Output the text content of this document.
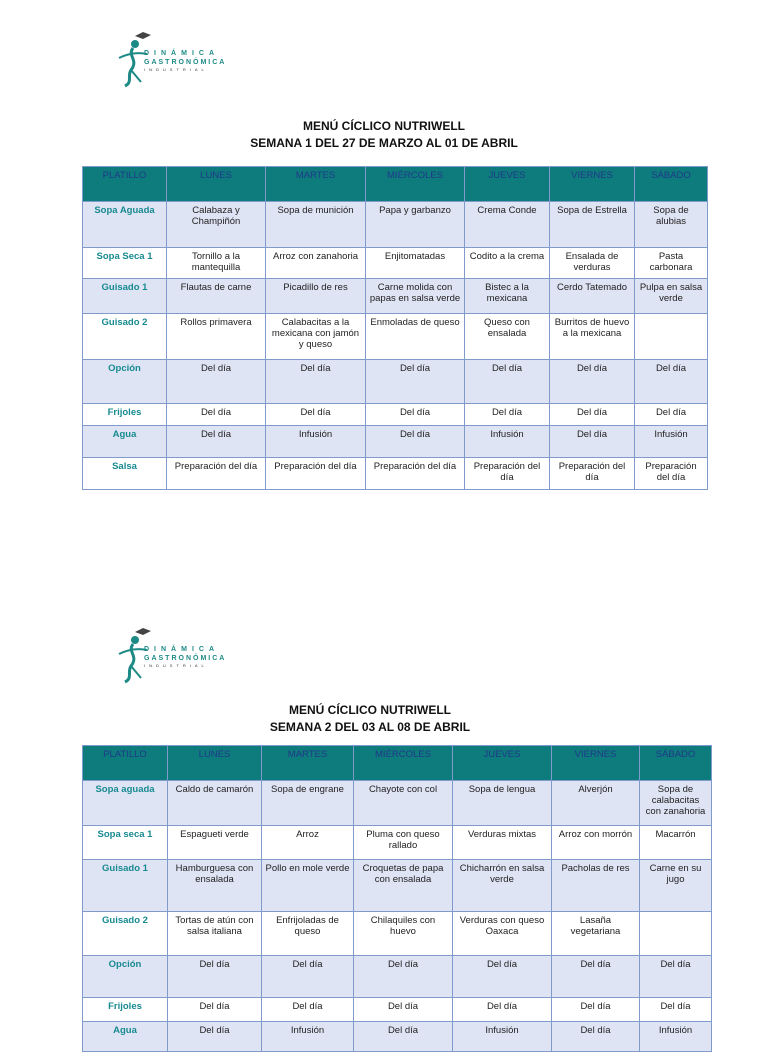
DINÁMICA
GASTRONÓMICA
INDUSTRIAL
MENÚ CÍCLICO NUTRIWELL
SEMANA 1 DEL 27 DE MARZO AL 01 DE ABRIL
PLATILLO	LUNES	MARTES	MIÉRCOLES	JUEVES	VIERNES	SÁBADO
Sopa Aguada	Calabaza y Champiñón	Sopa de munición	Papa y garbanzo	Crema Conde	Sopa de Estrella	Sopa de alubias
Sopa Seca 1	Tornillo a la mantequilla	Arroz con zanahoria	Enjitomatadas	Codito a la crema	Ensalada de verduras	Pasta carbonara
Guisado 1	Flautas de carne	Picadillo de res	Carne molida con papas en salsa verde	Bistec a la mexicana	Cerdo Tatemado	Pulpa en salsa verde
Guisado 2	Rollos primavera	Calabacitas a la mexicana con jamón y queso	Enmoladas de queso	Queso con ensalada	Burritos de huevo a la mexicana	
Opción	Del día	Del día	Del día	Del día	Del día	Del día
Frijoles	Del día	Del día	Del día	Del día	Del día	Del día
Agua	Del día	Infusión	Del día	Infusión	Del día	Infusión
Salsa	Preparación del día	Preparación del día	Preparación del día	Preparación del día	Preparación del día	Preparación del día
DINÁMICA
GASTRONÓMICA
INDUSTRIAL
MENÚ CÍCLICO NUTRIWELL
SEMANA 2 DEL 03 AL 08 DE ABRIL
PLATILLO	LUNES	MARTES	MIÉRCOLES	JUEVES	VIERNES	SÁBADO
Sopa aguada	Caldo de camarón	Sopa de engrane	Chayote con col	Sopa de lengua	Alverjón	Sopa de calabacitas con zanahoria
Sopa seca 1	Espagueti verde	Arroz	Pluma con queso rallado	Verduras mixtas	Arroz con morrón	Macarrón
Guisado 1	Hamburguesa con ensalada	Pollo en mole verde	Croquetas de papa con ensalada	Chicharrón en salsa verde	Pacholas de res	Carne en su jugo
Guisado 2	Tortas de atún con salsa italiana	Enfrijoladas de queso	Chilaquiles con huevo	Verduras con queso Oaxaca	Lasaña vegetariana	
Opción	Del día	Del día	Del día	Del día	Del día	Del día
Frijoles	Del día	Del día	Del día	Del día	Del día	Del día
Agua	Del día	Infusión	Del día	Infusión	Del día	Infusión
